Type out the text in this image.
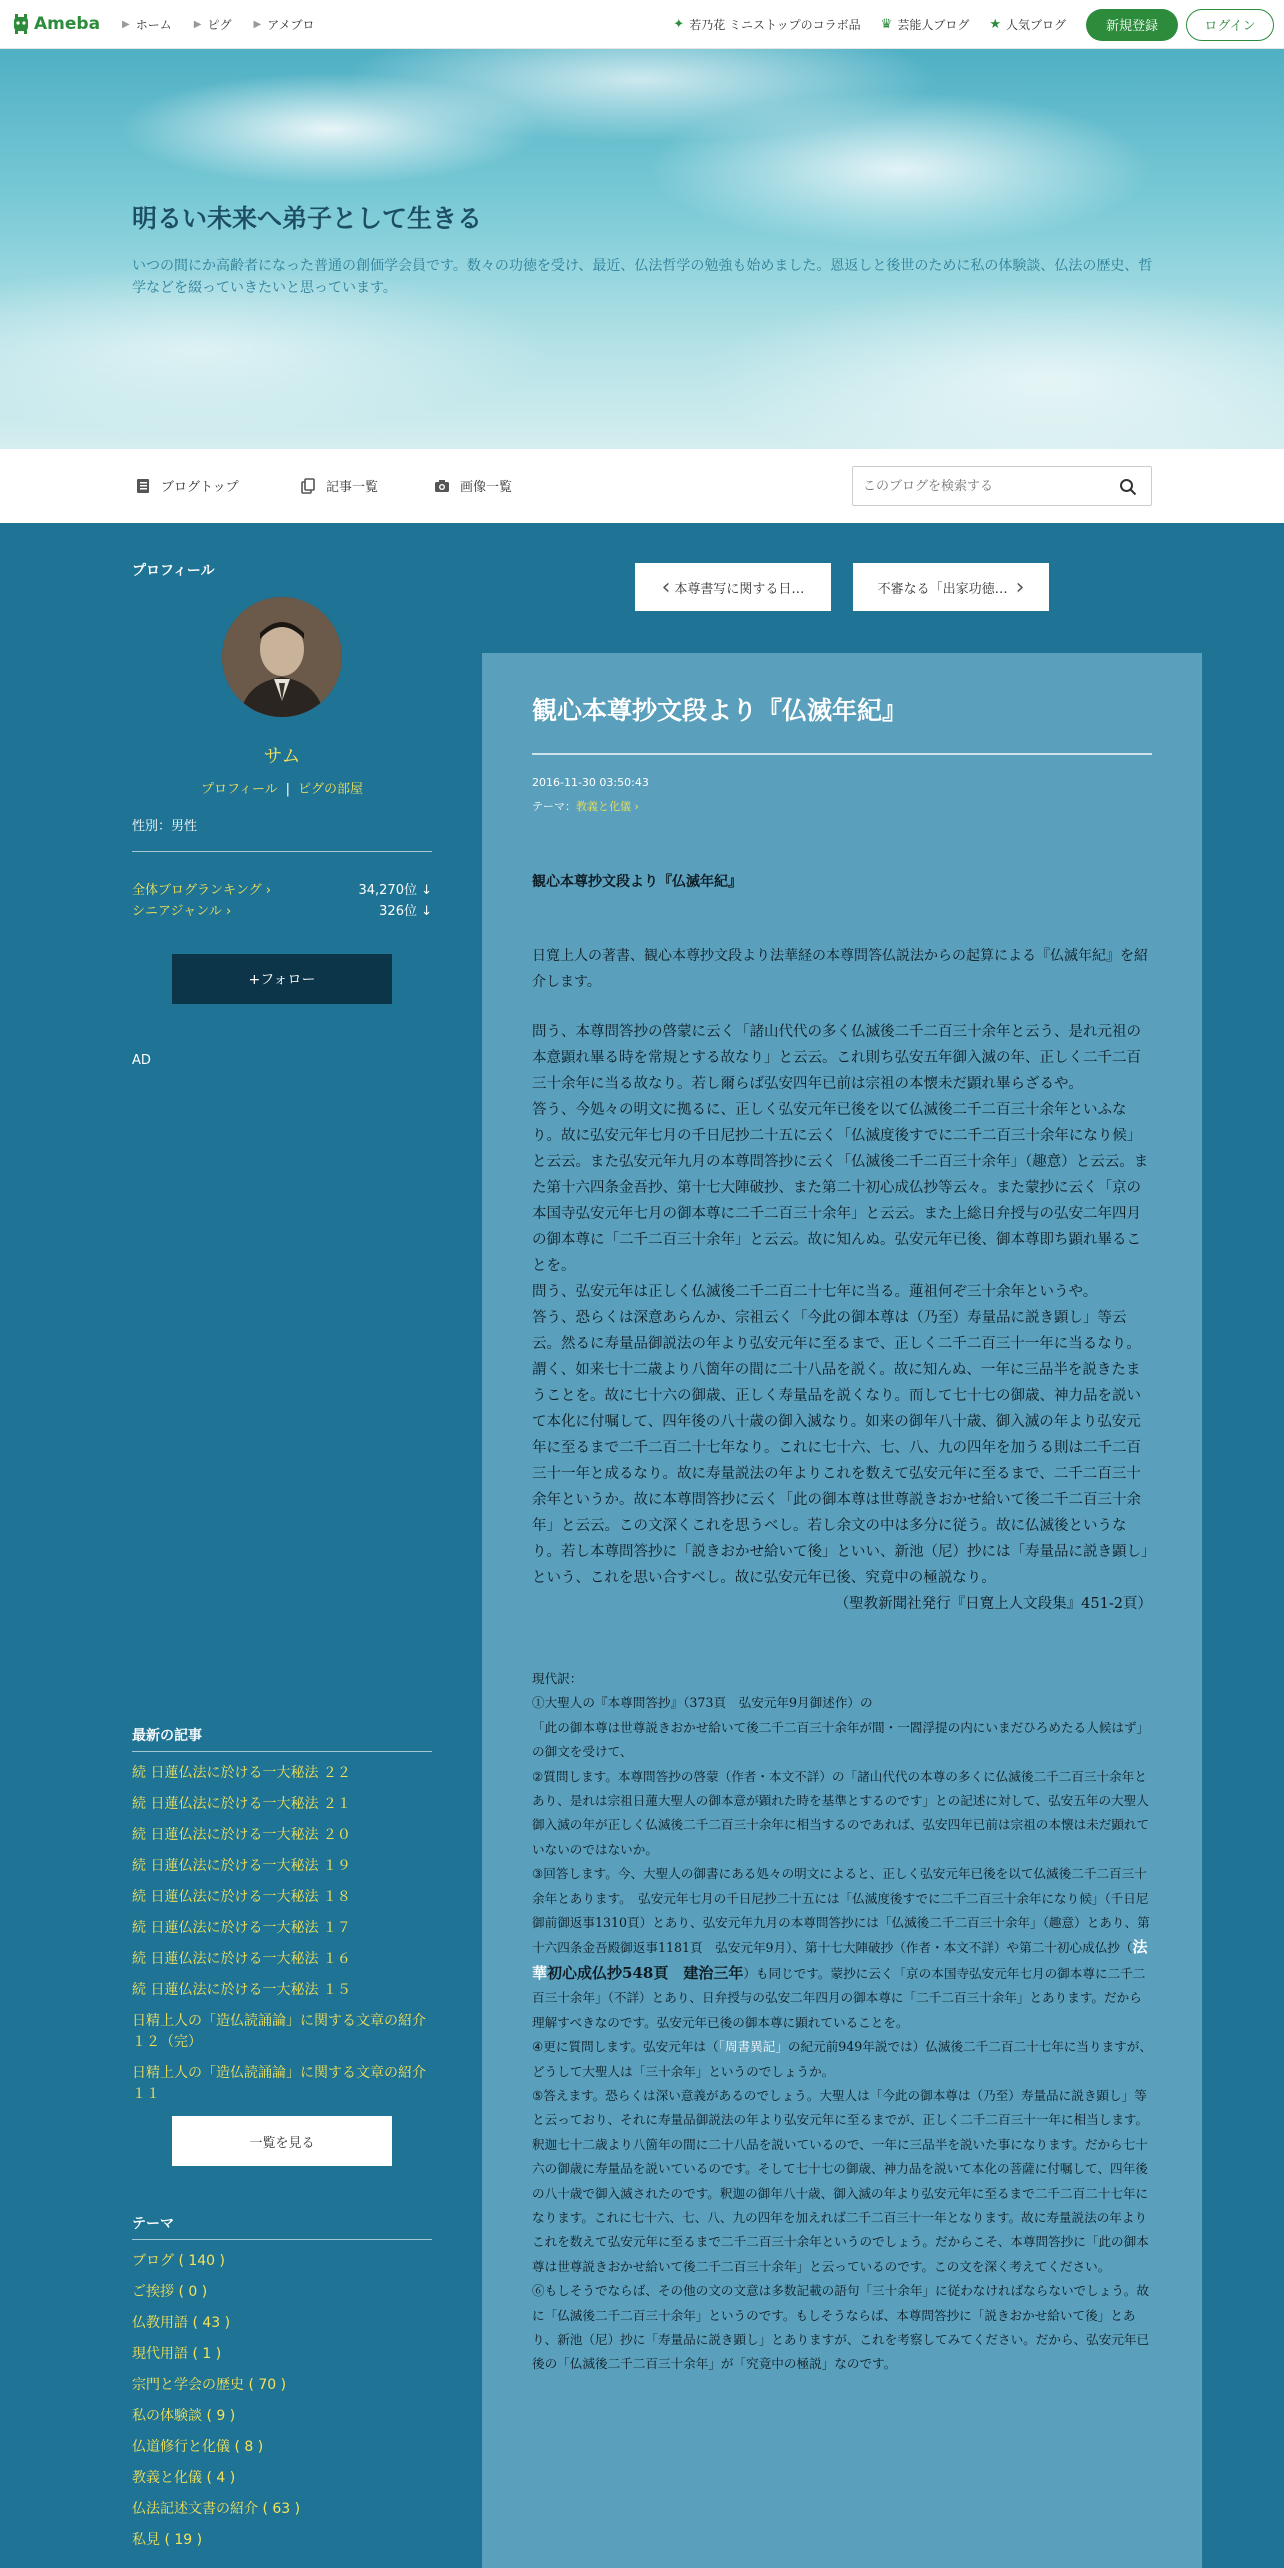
Ameba ▶ ホーム ▶ ピグ ▶ アメブロ	✦ 若乃花 ミニストップのコラボ品 ♛ 芸能人ブログ ★ 人気ブログ	新規登録	ログイン
明るい未来へ弟子として生きる

いつの間にか高齢者になった普通の創価学会員です。数々の功徳を受け、最近、仏法哲学の勉強も始めました。恩返しと後世のために私の体験談、仏法の歴史、哲学などを綴っていきたいと思っています。

ブログトップ	記事一覧	画像一覧
このブログを検索する
プロフィール
サム
プロフィール | ピグの部屋
性別：男性
全体ブログランキング ›	34,270位 ↓
シニアジャンル ›	326位 ↓
+フォロー
AD
最新の記事
続 日蓮仏法に於ける一大秘法 ２２
続 日蓮仏法に於ける一大秘法 ２１
続 日蓮仏法に於ける一大秘法 ２０
続 日蓮仏法に於ける一大秘法 １９
続 日蓮仏法に於ける一大秘法 １８
続 日蓮仏法に於ける一大秘法 １７
続 日蓮仏法に於ける一大秘法 １６
続 日蓮仏法に於ける一大秘法 １５
日精上人の「造仏読誦論」に関する文章の紹介 １２（完）
日精上人の「造仏読誦論」に関する文章の紹介 １１
一覧を見る
テーマ
ブログ ( 140 )
ご挨拶 ( 0 )
仏教用語 ( 43 )
現代用語 ( 1 )
宗門と学会の歴史 ( 70 )
私の体験談 ( 9 )
仏道修行と化儀 ( 8 )
教義と化儀 ( 4 )
仏法記述文書の紹介 ( 63 )
私見 ( 19 )
‹ 本尊書写に関する日…	不審なる「出家功徳… ›
観心本尊抄文段より『仏滅年紀』
2016-11-30 03:50:43
テーマ：教義と化儀 ›

観心本尊抄文段より『仏滅年紀』

日寛上人の著書、観心本尊抄文段より法華経の本尊問答仏説法からの起算による『仏滅年紀』を紹介します。

問う、本尊問答抄の啓蒙に云く「諸山代代の多く仏滅後二千二百三十余年と云う、是れ元祖の本意顕れ畢る時を常規とする故なり」と云云。これ則ち弘安五年御入滅の年、正しく二千二百三十余年に当る故なり。若し爾らば弘安四年已前は宗祖の本懐未だ顕れ畢らざるや。
答う、今処々の明文に拠るに、正しく弘安元年已後を以て仏滅後二千二百三十余年といふなり。故に弘安元年七月の千日尼抄二十五に云く「仏滅度後すでに二千二百三十余年になり候」と云云。また弘安元年九月の本尊問答抄に云く「仏滅後二千二百三十余年」（趣意）と云云。また第十六四条金吾抄、第十七大陣破抄、また第二十初心成仏抄等云々。また蒙抄に云く「京の本国寺弘安元年七月の御本尊に二千二百三十余年」と云云。また上総日弁授与の弘安二年四月の御本尊に「二千二百三十余年」と云云。故に知んぬ。弘安元年已後、御本尊即ち顕れ畢ることを。
問う、弘安元年は正しく仏滅後二千二百二十七年に当る。蓮祖何ぞ三十余年というや。
答う、恐らくは深意あらんか、宗祖云く「今此の御本尊は（乃至）寿量品に説き顕し」等云云。然るに寿量品御説法の年より弘安元年に至るまで、正しく二千二百三十一年に当るなり。謂く、如来七十二歳より八箇年の間に二十八品を説く。故に知んぬ、一年に三品半を説きたまうことを。故に七十六の御歳、正しく寿量品を説くなり。而して七十七の御歳、神力品を説いて本化に付嘱して、四年後の八十歳の御入滅なり。如来の御年八十歳、御入滅の年より弘安元年に至るまで二千二百二十七年なり。これに七十六、七、八、九の四年を加うる則は二千二百三十一年と成るなり。故に寿量説法の年よりこれを数えて弘安元年に至るまで、二千二百三十余年というか。故に本尊問答抄に云く「此の御本尊は世尊説きおかせ給いて後二千二百三十余年」と云云。この文深くこれを思うべし。若し余文の中は多分に従う。故に仏滅後というなり。若し本尊問答抄に「説きおかせ給いて後」といい、新池（尼）抄には「寿量品に説き顕し」という、これを思い合すべし。故に弘安元年已後、究竟中の極説なり。

（聖教新聞社発行『日寛上人文段集』451-2頁）

現代訳：

①大聖人の『本尊問答抄』（373頁　弘安元年9月御述作）の
「此の御本尊は世尊説きおかせ給いて後二千二百三十余年が間・一閻浮提の内にいまだひろめたる人候はず」
の御文を受けて、
②質問します。本尊問答抄の啓蒙（作者・本文不詳）の「諸山代代の本尊の多くに仏滅後二千二百三十余年とあり、是れは宗祖日蓮大聖人の御本意が顕れた時を基準とするのです」との記述に対して、弘安五年の大聖人御入滅の年が正しく仏滅後二千二百三十余年に相当するのであれば、弘安四年已前は宗祖の本懐は未だ顕れていないのではないか。
③回答します。今、大聖人の御書にある処々の明文によると、正しく弘安元年已後を以て仏滅後二千二百三十余年とあります。　弘安元年七月の千日尼抄二十五には「仏滅度後すでに二千二百三十余年になり候」（千日尼御前御返事1310頁）とあり、弘安元年九月の本尊問答抄には「仏滅後二千二百三十余年」（趣意）とあり、第十六四条金吾殿御返事1181頁　弘安元年9月）、第十七大陣破抄（作者・本文不詳）や第二十初心成仏抄（法華初心成仏抄548頁　建治三年）も同じです。蒙抄に云く「京の本国寺弘安元年七月の御本尊に二千二百三十余年」（不詳）とあり、日弁授与の弘安二年四月の御本尊に「二千二百三十余年」とあります。だから理解すべきなのです。弘安元年已後の御本尊に顕れていることを。
④更に質問します。弘安元年は（「周書異記」の紀元前949年説では）仏滅後二千二百二十七年に当りますが、どうして大聖人は「三十余年」というのでしょうか。
⑤答えます。恐らくは深い意義があるのでしょう。大聖人は「今此の御本尊は（乃至）寿量品に説き顕し」等と云っており、それに寿量品御説法の年より弘安元年に至るまでが、正しく二千二百三十一年に相当します。釈迦七十二歳より八箇年の間に二十八品を説いているので、一年に三品半を説いた事になります。だから七十六の御歳に寿量品を説いているのです。そして七十七の御歳、神力品を説いて本化の菩薩に付嘱して、四年後の八十歳で御入滅されたのです。釈迦の御年八十歳、御入滅の年より弘安元年に至るまで二千二百二十七年になります。これに七十六、七、八、九の四年を加えれば二千二百三十一年となります。故に寿量説法の年よりこれを数えて弘安元年に至るまで二千二百三十余年というのでしょう。だからこそ、本尊問答抄に「此の御本尊は世尊説きおかせ給いて後二千二百三十余年」と云っているのです。この文を深く考えてください。
⑥もしそうでならば、その他の文の文意は多数記載の語句「三十余年」に従わなければならないでしょう。故に「仏滅後二千二百三十余年」というのです。もしそうならば、本尊問答抄に「説きおかせ給いて後」とあり、新池（尼）抄に「寿量品に説き顕し」とありますが、これを考察してみてください。だから、弘安元年已後の「仏滅後二千二百三十余年」が「究竟中の極説」なのです。
